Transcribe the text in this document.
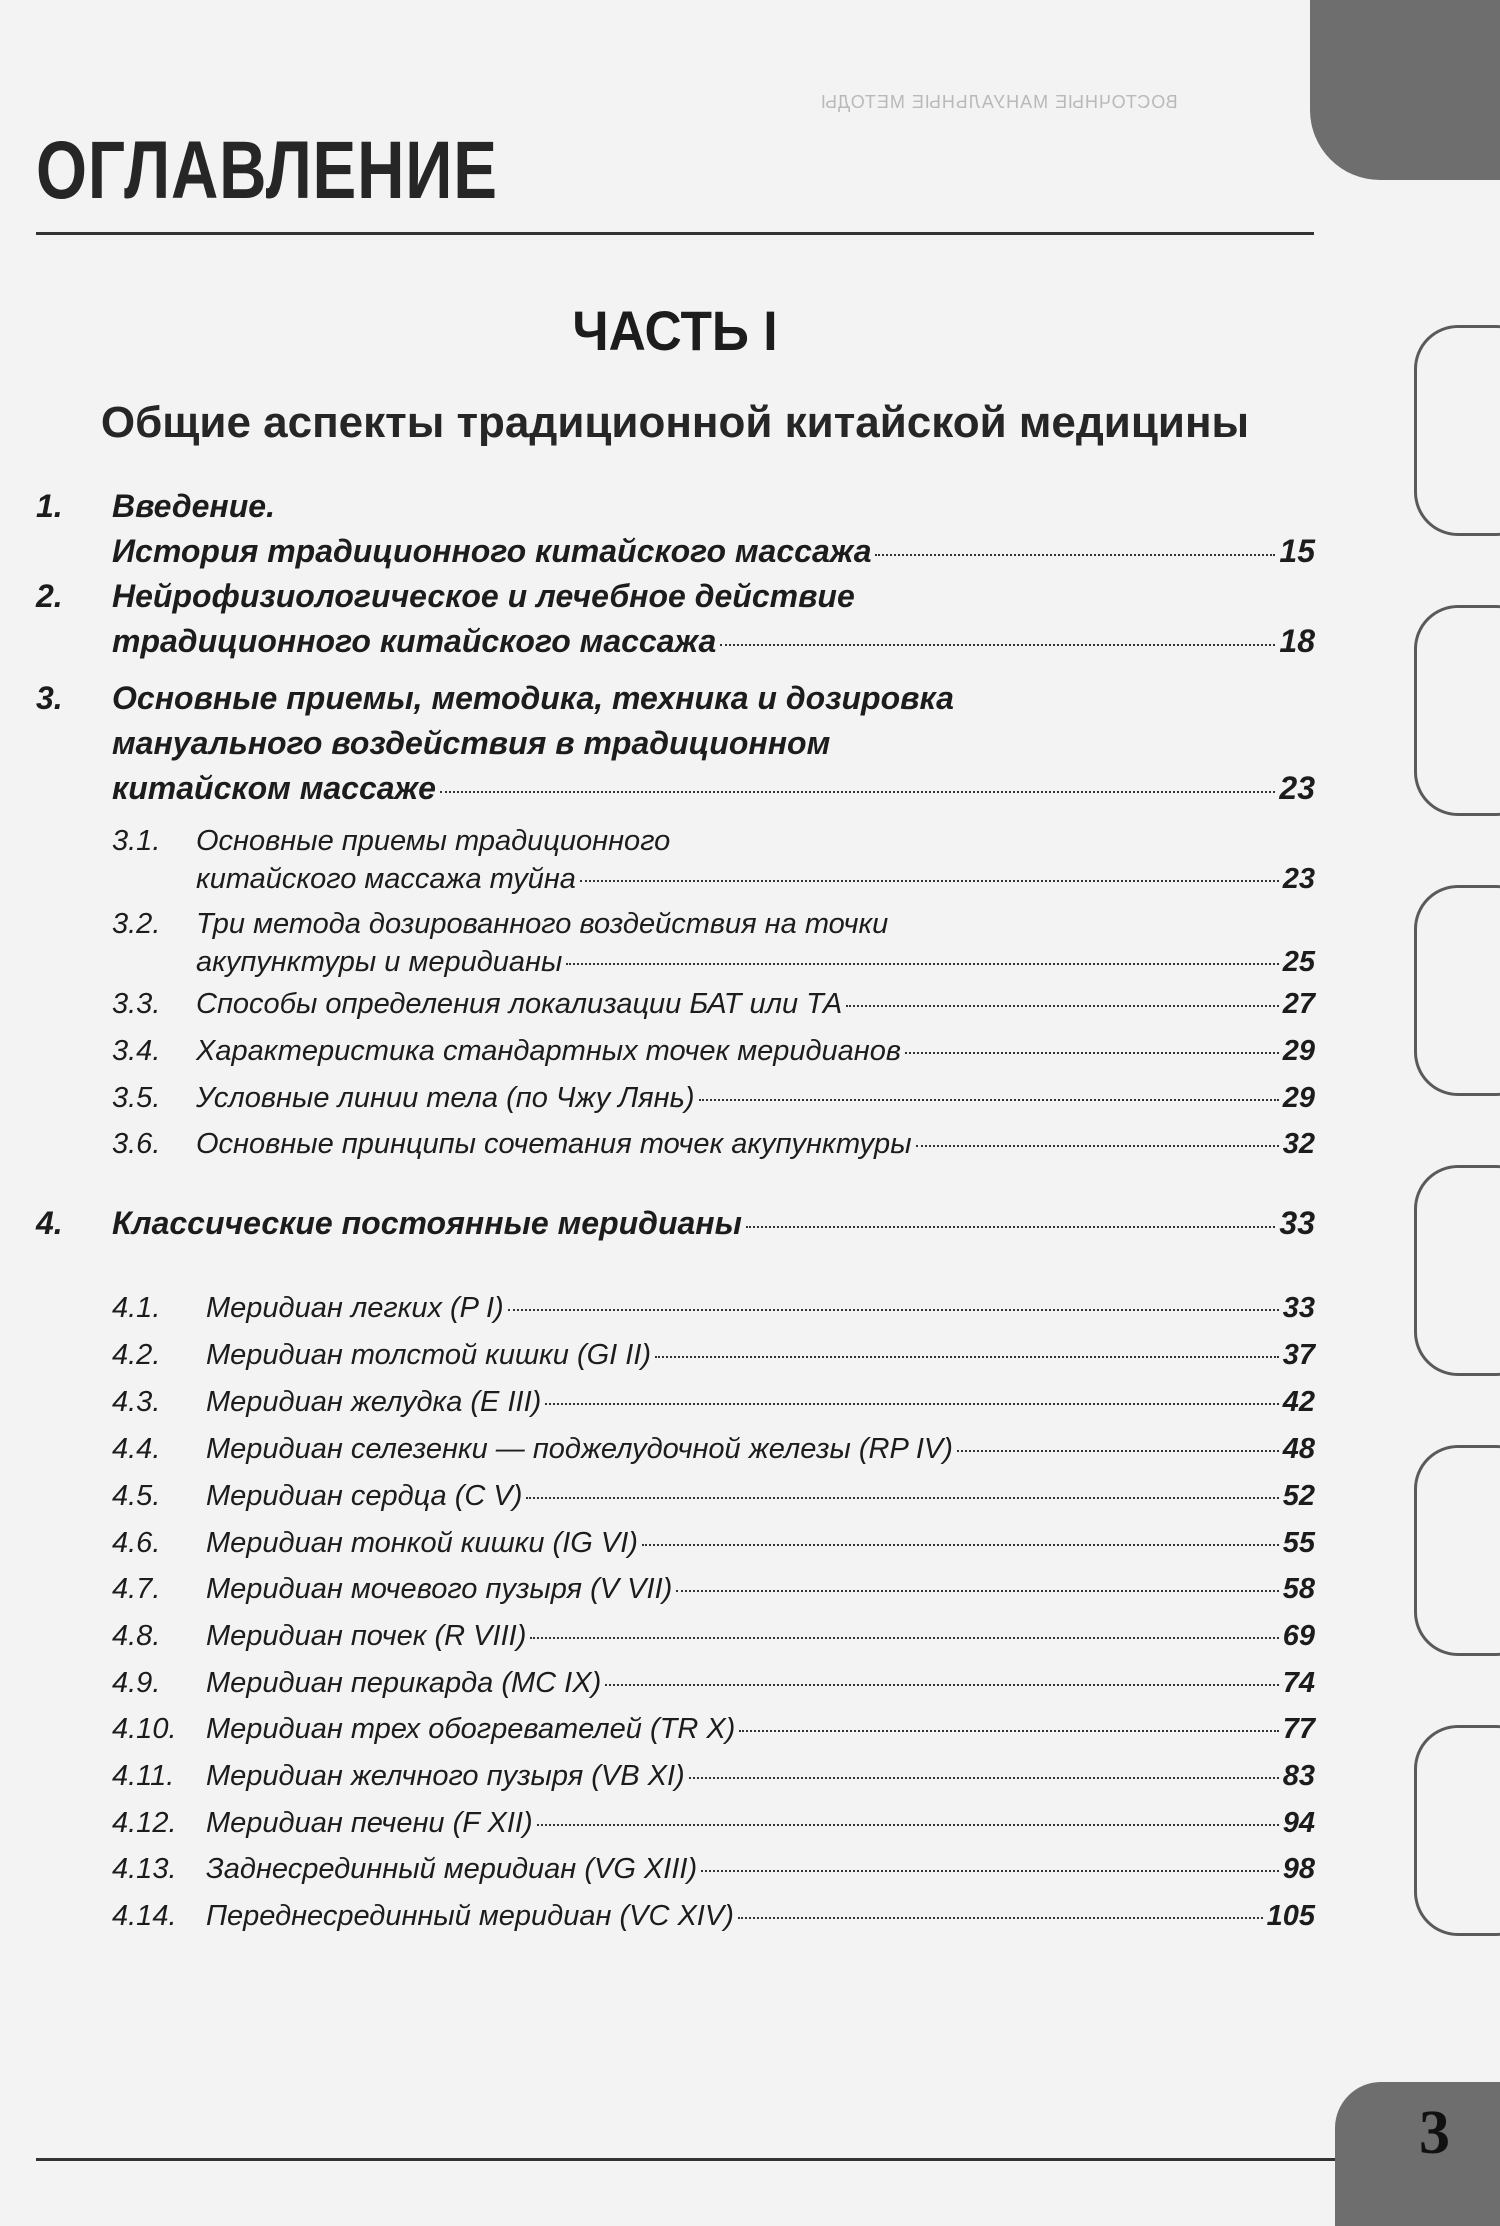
ВОСТОЧНЫЕ МАНУАЛЬНЫЕ МЕТОДЫ
ОГЛАВЛЕНИЕ
ЧАСТЬ I
Общие аспекты традиционной китайской медицины
1. Введение.
История традиционного китайского массажа	15
2. Нейрофизиологическое и лечебное действие
традиционного китайского массажа	18
3. Основные приемы, методика, техника и дозировка
мануального воздействия в традиционном
китайском массаже	23
3.1. Основные приемы традиционного
китайского массажа туйна	23
3.2. Три метода дозированного воздействия на точки
акупунктуры и меридианы	25
3.3. Способы определения локализации БАТ или ТА	27
3.4. Характеристика стандартных точек меридианов	29
3.5. Условные линии тела (по Чжу Лянь)	29
3.6. Основные принципы сочетания точек акупунктуры	32
4. Классические постоянные меридианы	33
4.1. Меридиан легких (P I)	33
4.2. Меридиан толстой кишки (GI II)	37
4.3. Меридиан желудка (E III)	42
4.4. Меридиан селезенки — поджелудочной железы (RP IV)	48
4.5. Меридиан сердца (C V)	52
4.6. Меридиан тонкой кишки (IG VI)	55
4.7. Меридиан мочевого пузыря (V VII)	58
4.8. Меридиан почек (R VIII)	69
4.9. Меридиан перикарда (MC IX)	74
4.10. Меридиан трех обогревателей (TR X)	77
4.11. Меридиан желчного пузыря (VB XI)	83
4.12. Меридиан печени (F XII)	94
4.13. Заднесрединный меридиан (VG XIII)	98
4.14. Переднесрединный меридиан (VC XIV)	105
3
